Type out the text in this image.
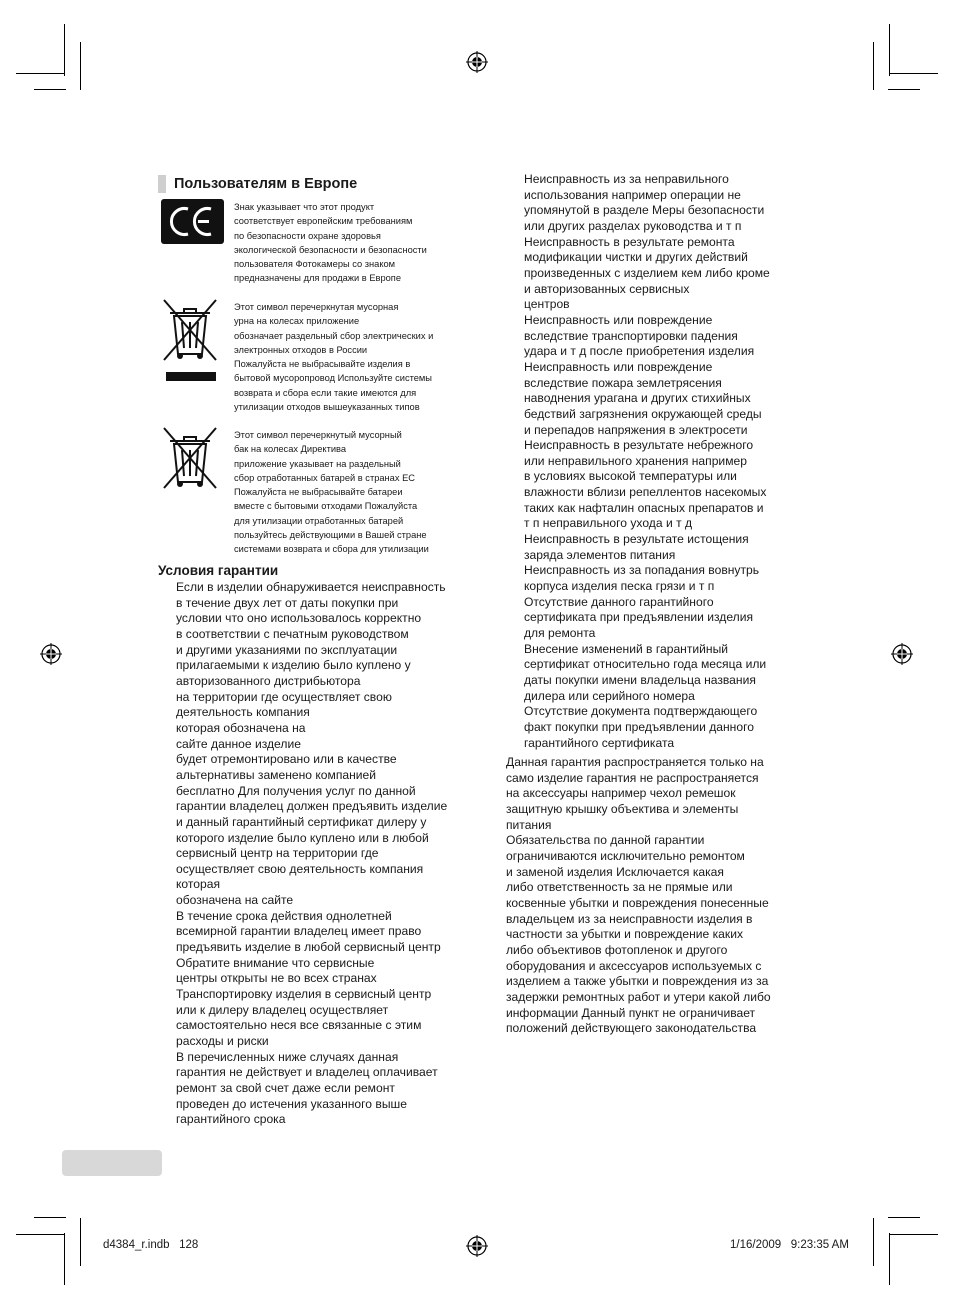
Пользователям в Европе
Знак указывает что этот продукт
соответствует европейским требованиям
по безопасности охране здоровья
экологической безопасности и безопасности
пользователя Фотокамеры со знаком
предназначены для продажи в Европе
Этот символ перечеркнутая мусорная
урна на колесах приложение
обозначает раздельный сбор электрических и
электронных отходов в России
Пожалуйста не выбрасывайте изделия в
бытовой мусоропровод Используйте системы
возврата и сбора если такие имеются для
утилизации отходов вышеуказанных типов
Этот символ перечеркнутый мусорный
бак на колесах Директива
приложение указывает на раздельный
сбор отработанных батарей в странах ЕС
Пожалуйста не выбрасывайте батареи
вместе с бытовыми отходами Пожалуйста
для утилизации отработанных батарей
пользуйтесь действующими в Вашей стране
системами возврата и сбора для утилизации
Условия гарантии
Если в изделии обнаруживается неисправность
в течение двух лет от даты покупки при
условии что оно использовалось корректно
в соответствии с печатным руководством
и другими указаниями по эксплуатации
прилагаемыми к изделию было куплено у
авторизованного дистрибьютора
на территории где осуществляет свою
деятельность компания
которая обозначена на
сайте данное изделие
будет отремонтировано или в качестве
альтернативы заменено компанией
бесплатно Для получения услуг по данной
гарантии владелец должен предъявить изделие
и данный гарантийный сертификат дилеру у
которого изделие было куплено или в любой
сервисный центр на территории где
осуществляет свою деятельность компания
которая
обозначена на сайте
В течение срока действия однолетней
всемирной гарантии владелец имеет право
предъявить изделие в любой сервисный центр
Обратите внимание что сервисные
центры открыты не во всех странах
Транспортировку изделия в сервисный центр
или к дилеру владелец осуществляет
самостоятельно неся все связанные с этим
расходы и риски
В перечисленных ниже случаях данная
гарантия не действует и владелец оплачивает
ремонт за свой счет даже если ремонт
проведен до истечения указанного выше
гарантийного срока
Неисправность из за неправильного
использования например операции не
упомянутой в разделе Меры безопасности
или других разделах руководства и т п
Неисправность в результате ремонта
модификации чистки и других действий
произведенных с изделием кем либо кроме
и авторизованных сервисных
центров
Неисправность или повреждение
вследствие транспортировки падения
удара и т д после приобретения изделия
Неисправность или повреждение
вследствие пожара землетрясения
наводнения урагана и других стихийных
бедствий загрязнения окружающей среды
и перепадов напряжения в электросети
Неисправность в результате небрежного
или неправильного хранения например
в условиях высокой температуры или
влажности вблизи репеллентов насекомых
таких как нафталин опасных препаратов и
т п неправильного ухода и т д
Неисправность в результате истощения
заряда элементов питания
Неисправность из за попадания вовнутрь
корпуса изделия песка грязи и т п
Отсутствие данного гарантийного
сертификата при предъявлении изделия
для ремонта
Внесение изменений в гарантийный
сертификат относительно года месяца или
даты покупки имени владельца названия
дилера или серийного номера
Отсутствие документа подтверждающего
факт покупки при предъявлении данного
гарантийного сертификата
Данная гарантия распространяется только на
само изделие гарантия не распространяется
на аксессуары например чехол ремешок
защитную крышку объектива и элементы
питания
Обязательства по данной гарантии
ограничиваются исключительно ремонтом
и заменой изделия Исключается какая
либо ответственность за не прямые или
косвенные убытки и повреждения понесенные
владельцем из за неисправности изделия в
частности за убытки и повреждение каких
либо объективов фотопленок и другого
оборудования и аксессуаров используемых с
изделием а также убытки и повреждения из за
задержки ремонтных работ и утери какой либо
информации Данный пункт не ограничивает
положений действующего законодательства
d4384_r.indb   128	1/16/2009   9:23:35 AM
